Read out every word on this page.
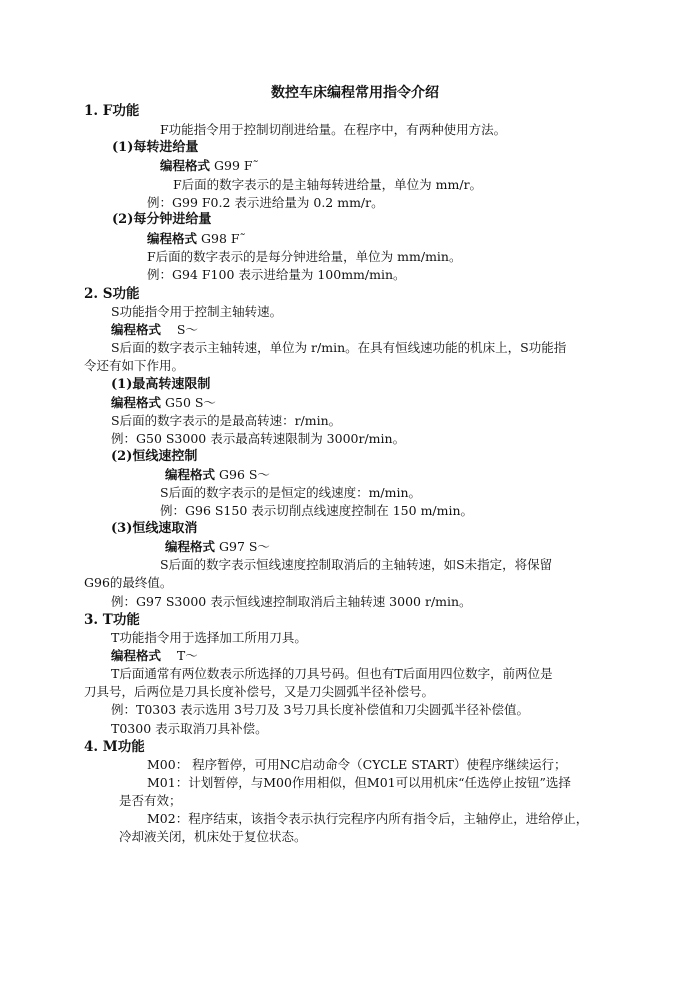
数控车床编程常用指令介绍
1. F功能
F功能指令用于控制切削进给量。在程序中，有两种使用方法。
(1)每转进给量
编程格式 G99 F˜
F后面的数字表示的是主轴每转进给量，单位为 mm/r。
例：G99 F0.2 表示进给量为 0.2 mm/r。
(2)每分钟进给量
编程格式 G98 F˜
F后面的数字表示的是每分钟进给量，单位为 mm/min。
例：G94 F100 表示进给量为 100mm/min。
2. S功能
S功能指令用于控制主轴转速。
编程格式 S～
S后面的数字表示主轴转速，单位为 r/min。在具有恒线速功能的机床上，S功能指
令还有如下作用。
(1)最高转速限制
编程格式 G50 S～
S后面的数字表示的是最高转速：r/min。
例：G50 S3000 表示最高转速限制为 3000r/min。
(2)恒线速控制
编程格式 G96 S～
S后面的数字表示的是恒定的线速度：m/min。
例：G96 S150 表示切削点线速度控制在 150 m/min。
(3)恒线速取消
编程格式 G97 S～
S后面的数字表示恒线速度控制取消后的主轴转速，如S未指定，将保留
G96的最终值。
例：G97 S3000 表示恒线速控制取消后主轴转速 3000 r/min。
3. T功能
T功能指令用于选择加工所用刀具。
编程格式 T～
T后面通常有两位数表示所选择的刀具号码。但也有T后面用四位数字，前两位是
刀具号，后两位是刀具长度补偿号，又是刀尖圆弧半径补偿号。
例：T0303 表示选用 3号刀及 3号刀具长度补偿值和刀尖圆弧半径补偿值。
T0300 表示取消刀具补偿。
4. M功能
M00： 程序暂停，可用NC启动命令（CYCLE START）使程序继续运行；
M01：计划暂停，与M00作用相似，但M01可以用机床“任选停止按钮”选择
是否有效；
M02：程序结束，该指令表示执行完程序内所有指令后，主轴停止，进给停止，
冷却液关闭，机床处于复位状态。
